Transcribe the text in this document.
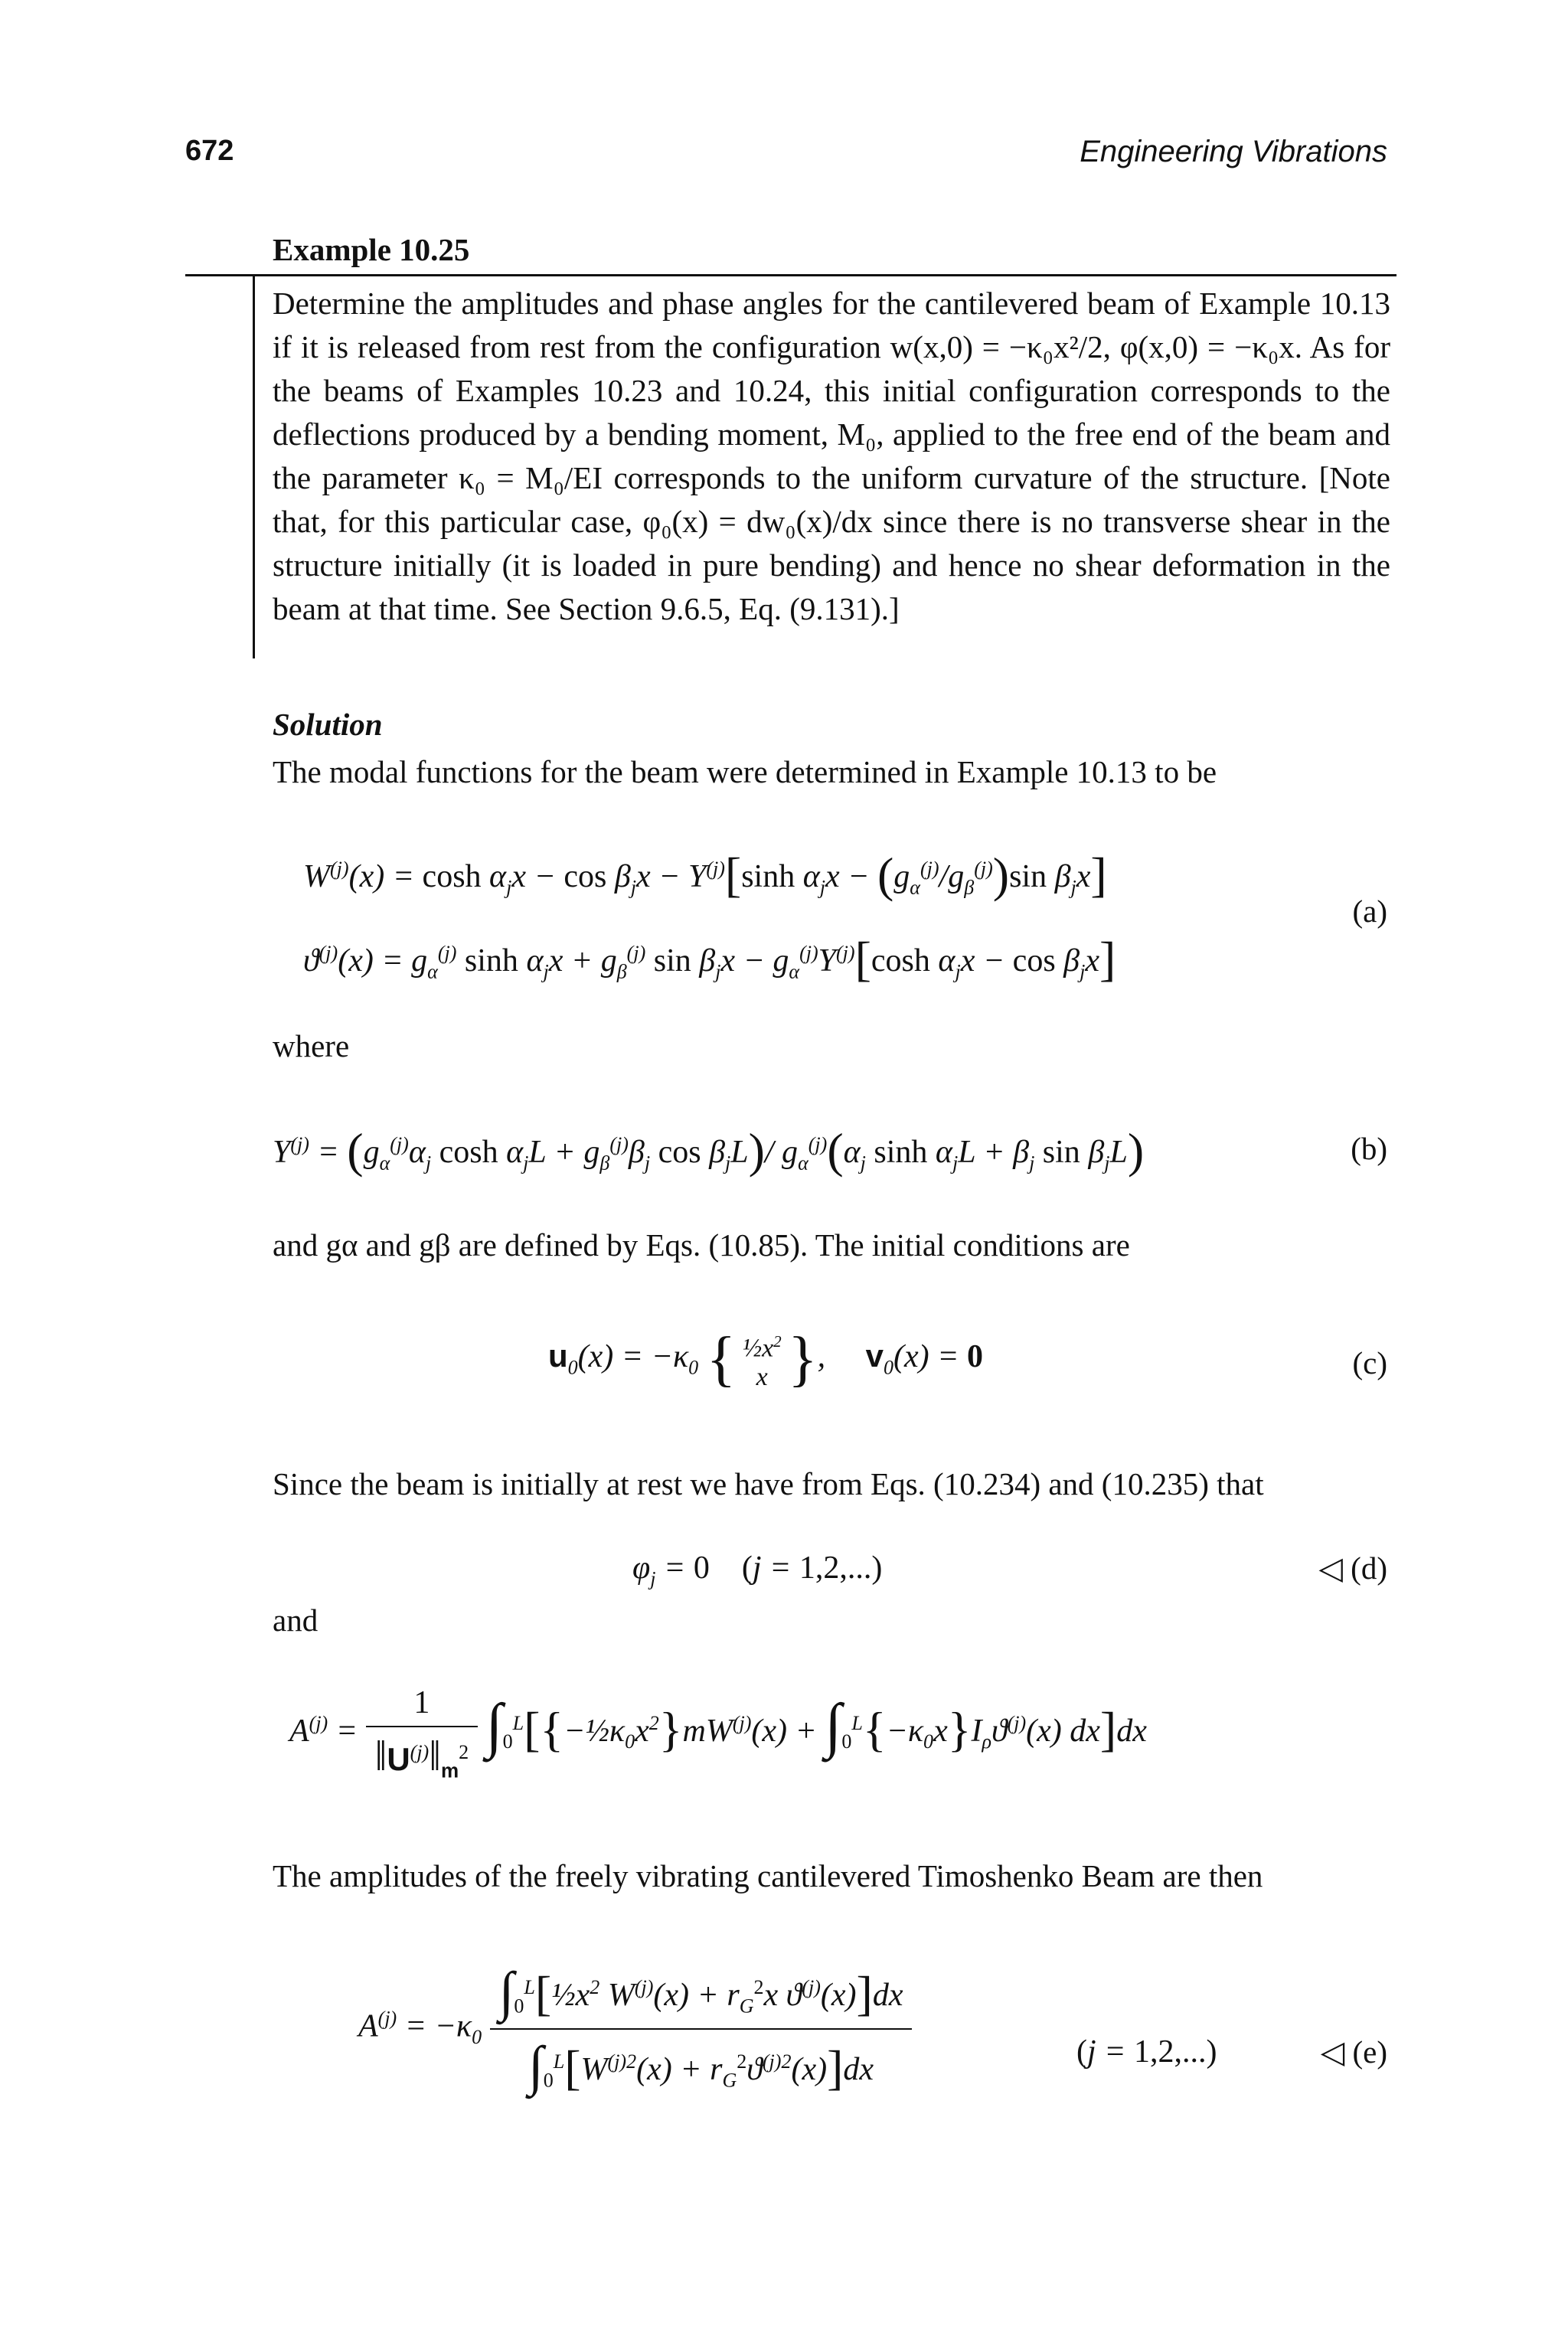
672	Engineering Vibrations
Example 10.25

Determine the amplitudes and phase angles for the cantilevered beam of Example 10.13 if it is released from rest from the configuration w(x,0) = −κ₀x²/2, φ(x,0) = −κ₀x. As for the beams of Examples 10.23 and 10.24, this initial configuration corresponds to the deflections produced by a bending moment, M₀, applied to the free end of the beam and the parameter κ₀ = M₀/EI corresponds to the uniform curvature of the structure. [Note that, for this particular case, φ₀(x) = dw₀(x)/dx since there is no transverse shear in the structure initially (it is loaded in pure bending) and hence no shear deformation in the beam at that time. See Section 9.6.5, Eq. (9.131).]

Solution
The modal functions for the beam were determined in Example 10.13 to be
$W^{(j)}(x) = \cosh \alpha_jx - \cos \beta_jx - Y^{(j)}[\sinh$ $\alpha_jx - (g_\alpha^{(j)}/g_\beta^{(j)})\sin$ $\beta_jx$]
$ϑ^{(j)}(x) = g_\alpha^{(j)}$ $\sinh \alpha_jx + g_\beta^{(j)}$ $\sin \beta_jx - g_\alpha^{(j)}Y^{(j)}[\cosh$ $\alpha_jx - \cos \beta_jx$]
(a)
where
$Y^{(j)} = (g_\alpha^{(j)}\alpha_j$ $\cosh \alpha_jL + g_\beta^{(j)}\beta_j$ $\cos \beta_jL)/$ $g_\alpha^{(j)}(\alpha_j$ $\sinh \alpha_jL + \beta_j$ $\sin \beta_jL$)	(b)
and gα and gβ are defined by Eqs. (10.85). The initial conditions are
$u_0(x) = -\kappa_0$ { $\frac{1}{2}x^2$
x } ,     $v_0(x) = 0$	(c)
Since the beam is initially at rest we have from Eqs. (10.234) and (10.235) that
$\varphi_j = 0$ (j = 1,2,...)	◁ (d)
and
$A^{(j)} = \frac{1}{‖U^{(j)}‖_m^2}$ $\int_0^L[\{-\frac{1}{2}\kappa_0x^2\}mW^{(j)}(x) + \int_0^L\{-\kappa_0x\}I_\rho ϑ^{(j)}(x)$ dx]dx
The amplitudes of the freely vibrating cantilevered Timoshenko Beam are then
$A^{(j)} = -\kappa_0 \frac{\int_0^L[\frac{1}{2}x^2 W^{(j)}(x) + r_G^2x ϑ^{(j)}(x)]dx}{\int_0^L[W^{(j)2}(x) + r_G^2ϑ^{(j)2}(x)]dx}$	(j = 1,2,...)	◁ (e)
